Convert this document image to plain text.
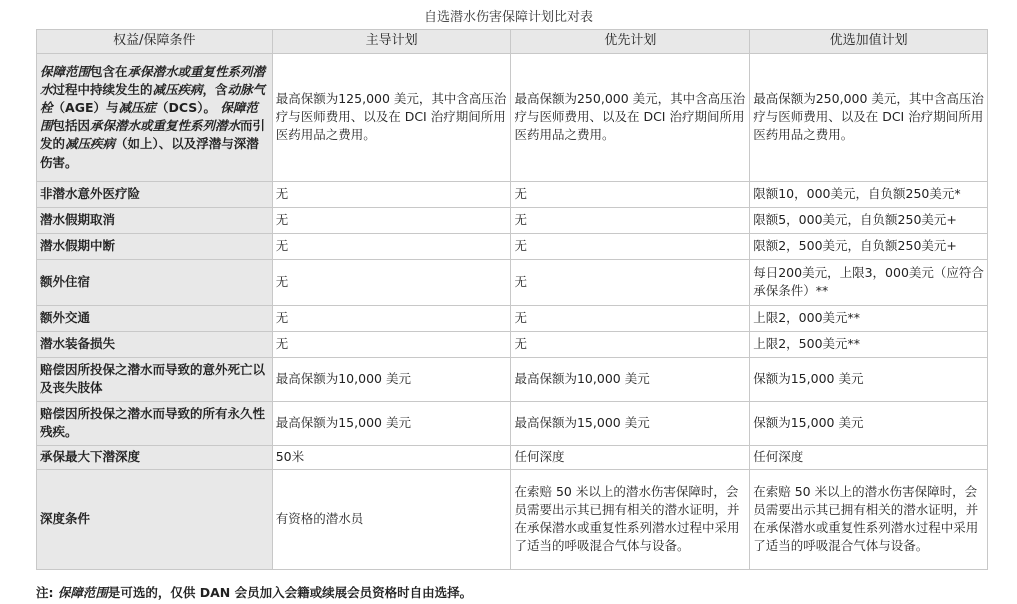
自选潜水伤害保障计划比对表
权益/保障条件	主导计划	优先计划	优选加值计划
保障范围包含在承保潜水或重复性系列潜水过程中持续发生的减压疾病，含动脉气栓（AGE）与减压症（DCS）。 保障范围包括因承保潜水或重复性系列潜水而引发的减压疾病（如上）、以及浮潜与深潜伤害。	最高保额为125,000 美元，其中含高压治疗与医师费用、以及在 DCI 治疗期间所用医药用品之费用。	最高保额为250,000 美元，其中含高压治疗与医师费用、以及在 DCI 治疗期间所用医药用品之费用。	最高保额为250,000 美元，其中含高压治疗与医师费用、以及在 DCI 治疗期间所用医药用品之费用。
非潜水意外医疗险	无	无	限额10，000美元，自负额250美元*
潜水假期取消	无	无	限额5，000美元，自负额250美元+
潜水假期中断	无	无	限额2，500美元，自负额250美元+
额外住宿	无	无	每日200美元，上限3，000美元（应符合承保条件）**
额外交通	无	无	上限2，000美元**
潜水装备损失	无	无	上限2，500美元**
赔偿因所投保之潜水而导致的意外死亡以及丧失肢体	最高保额为10,000 美元	最高保额为10,000 美元	保额为15,000 美元
赔偿因所投保之潜水而导致的所有永久性残疾。	最高保额为15,000 美元	最高保额为15,000 美元	保额为15,000 美元
承保最大下潜深度	50米	任何深度	任何深度
深度条件	有资格的潜水员	在索赔 50 米以上的潜水伤害保障时，会员需要出示其已拥有相关的潜水证明，并在承保潜水或重复性系列潜水过程中采用了适当的呼吸混合气体与设备。	在索赔 50 米以上的潜水伤害保障时，会员需要出示其已拥有相关的潜水证明，并在承保潜水或重复性系列潜水过程中采用了适当的呼吸混合气体与设备。
注: 保障范围是可选的，仅供 DAN 会员加入会籍或续展会员资格时自由选择。
